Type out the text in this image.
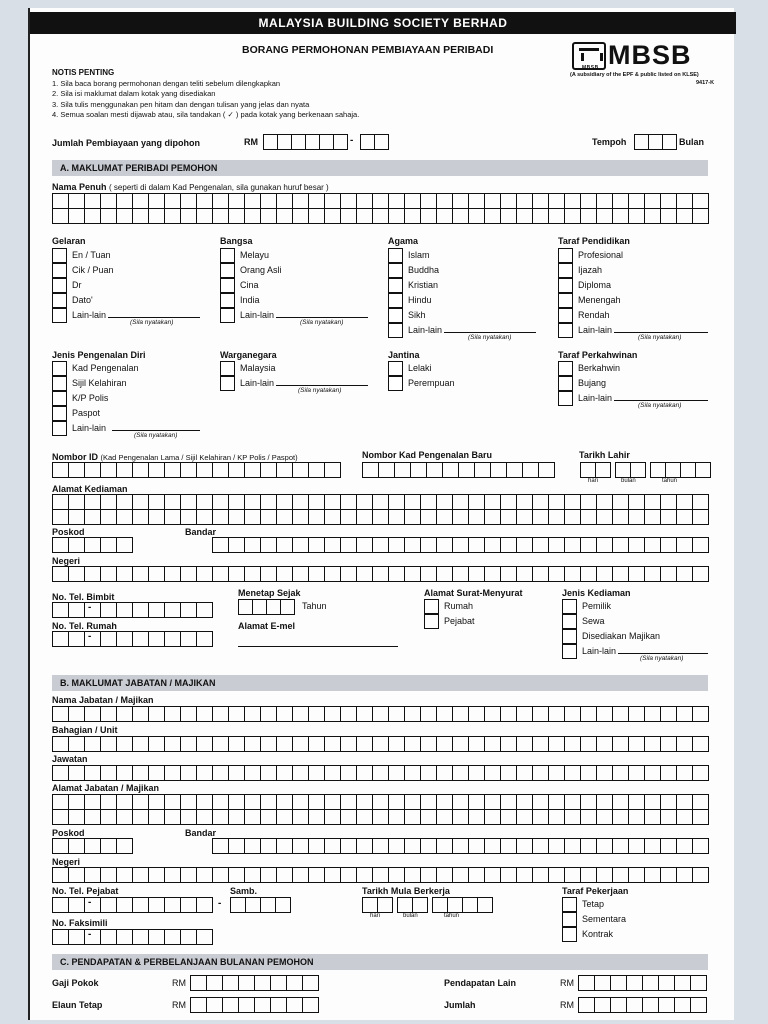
MALAYSIA BUILDING SOCIETY BERHAD
BORANG PERMOHONAN PEMBIAYAAN PERIBADI
MBSB MBSB
(A subsidiary of the EPF & public listed on KLSE)
9417-K
NOTIS PENTING
1. Sila baca borang permohonan dengan teliti sebelum dilengkapkan
2. Sila isi maklumat dalam kotak yang disediakan
3. Sila tulis menggunakan pen hitam dan dengan tulisan yang jelas dan nyata
4. Semua soalan mesti dijawab atau, sila tandakan ( ✓ ) pada kotak yang berkenaan sahaja.
Jumlah Pembiayaan yang dipohon	RM	-	Tempoh	Bulan
A. MAKLUMAT PERIBADI PEMOHON
Nama Penuh ( seperti di dalam Kad Pengenalan, sila gunakan huruf besar )
Gelaran
En / Tuan
Cik / Puan
Dr
Dato'
Lain-lain
(Sila nyatakan)
Bangsa
Melayu
Orang Asli
Cina
India
Lain-lain
(Sila nyatakan)
Agama
Islam
Buddha
Kristian
Hindu
Sikh
Lain-lain
(Sila nyatakan)
Taraf Pendidikan
Profesional
Ijazah
Diploma
Menengah
Rendah
Lain-lain
(Sila nyatakan)
Jenis Pengenalan Diri
Kad Pengenalan
Sijil Kelahiran
K/P Polis
Paspot
Lain-lain
(Sila nyatakan)
Warganegara
Malaysia
Lain-lain
(Sila nyatakan)
Jantina
Lelaki
Perempuan
Taraf Perkahwinan
Berkahwin
Bujang
Lain-lain
(Sila nyatakan)
Nombor ID (Kad Pengenalan Lama / Sijil Kelahiran / KP Polis / Paspot)	Nombor Kad Pengenalan Baru	Tarikh Lahir
hari	bulan	tahun
Alamat Kediaman
Poskod	Bandar
Negeri
No. Tel. Bimbit
-
No. Tel. Rumah
-
Menetap Sejak
Tahun
Alamat E-mel
Alamat Surat-Menyurat
Rumah
Pejabat
Jenis Kediaman
Pemilik
Sewa
Disediakan Majikan
Lain-lain
(Sila nyatakan)
B. MAKLUMAT JABATAN / MAJIKAN
Nama Jabatan / Majikan
Bahagian / Unit
Jawatan
Alamat Jabatan / Majikan
Poskod	Bandar
Negeri
No. Tel. Pejabat
-	-
Samb.	Tarikh Mula Berkerja
hari	bulan	tahun
No. Faksimili
-
Taraf Pekerjaan
Tetap
Sementara
Kontrak
C. PENDAPATAN & PERBELANJAAN BULANAN PEMOHON
Gaji Pokok	RM
Elaun Tetap	RM
Pendapatan Lain	RM
Jumlah	RM
